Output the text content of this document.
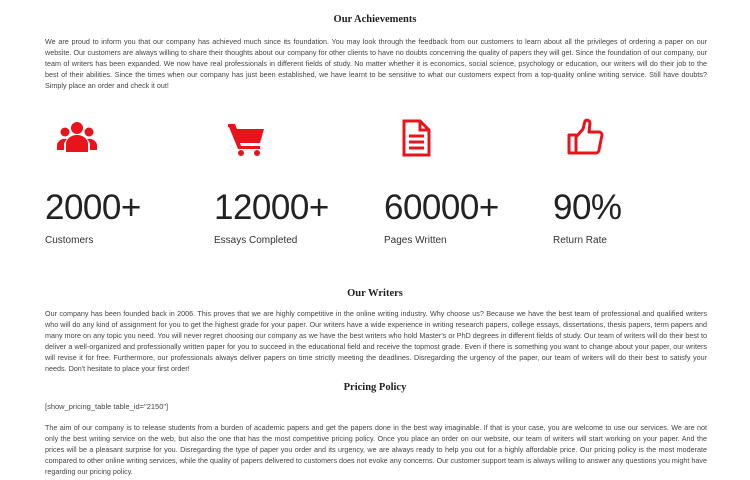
Our Achievements

We are proud to inform you that our company has achieved much since its foundation. You may look through the feedback from our customers to learn about all the privileges of ordering a paper on our website. Our customers are always willing to share their thoughts about our company for other clients to have no doubts concerning the quality of papers they will get. Since the foundation of our company, our team of writers has been expanded. We now have real professionals in different fields of study. No matter whether it is economics, social science, psychology or education, our writers will do their job to the best of their abilities. Since the times when our company has just been established, we have learnt to be sensitive to what our customers expect from a top-quality online writing service. Still have doubts? Simply place an order and check it out!

2000+
Customers
12000+
Essays Completed
60000+
Pages Written
90%
Return Rate
Our Writers

Our company has been founded back in 2006. This proves that we are highly competitive in the online writing industry. Why choose us? Because we have the best team of professional and qualified writers who will do any kind of assignment for you to get the highest grade for your paper. Our writers have a wide experience in writing research papers, college essays, dissertations, thesis papers, term papers and many more on any topic you need. You will never regret choosing our company as we have the best writers who hold Master's or PhD degrees in different fields of study. Our team of writers will do their best to deliver a well-organized and professionally written paper for you to succeed in the educational field and receive the topmost grade. Even if there is something you want to change about your paper, our writers will revise it for free. Furthermore, our professionals always deliver papers on time strictly meeting the deadlines. Disregarding the urgency of the paper, our team of writers will do their best to satisfy your needs. Don't hesitate to place your first order!

Pricing Policy

[show_pricing_table table_id="2150"]

The aim of our company is to release students from a burden of academic papers and get the papers done in the best way imaginable. If that is your case, you are welcome to use our services. We are not only the best writing service on the web, but also the one that has the most competitive pricing policy. Once you place an order on our website, our team of writers will start working on your paper. And the prices will be a pleasant surprise for you. Disregarding the type of paper you order and its urgency, we are always ready to help you out for a highly affordable price. Our pricing policy is the most moderate compared to other online writing services, while the quality of papers delivered to customers does not evoke any concerns. Our customer support team is always willing to answer any questions you might have regarding our pricing policy.
